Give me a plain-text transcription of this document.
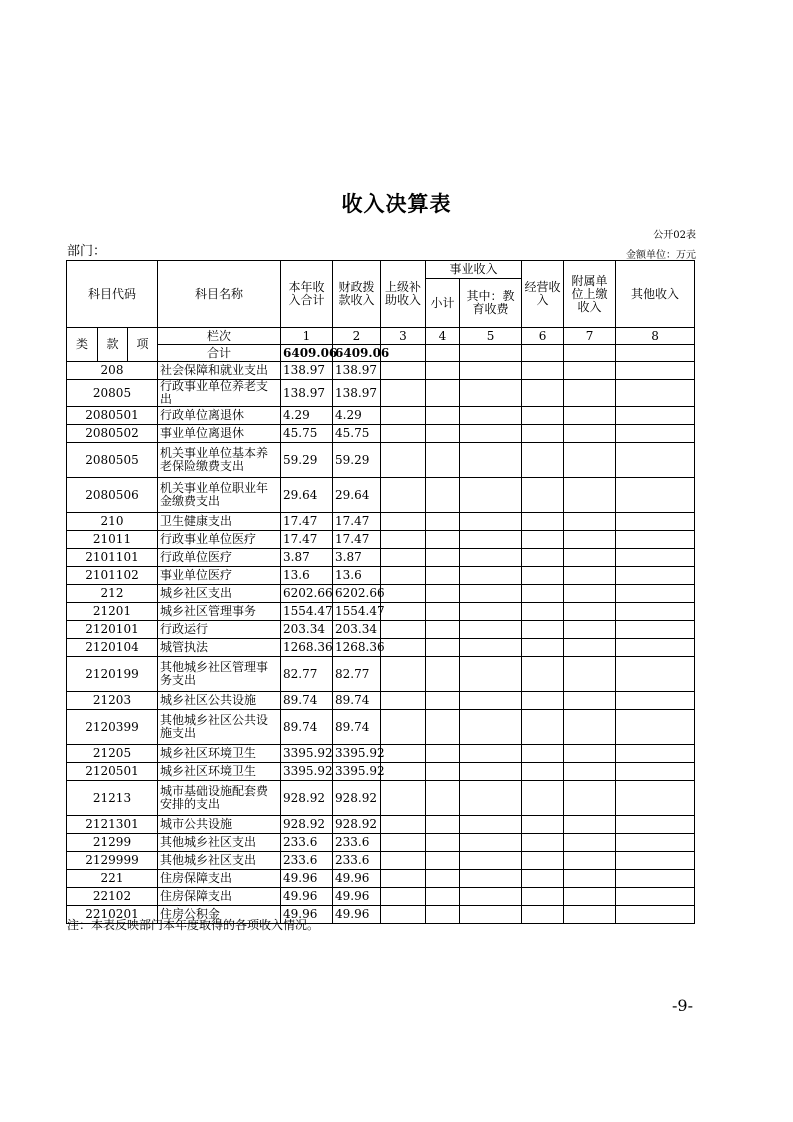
收入决算表
公开02表
部门：	金额单位：万元
科目代码			科目名称	本年收入合计	财政拨款收入	上级补助收入	事业收入		经营收入	附属单位上缴收入	其他收入
							小计	其中：教育收费			
类	款	项	栏次	1	2	3	4	5	6	7	8
			合计	6409.06	6409.06						
208			社会保障和就业支出	138.97	138.97						
20805			行政事业单位养老支出	138.97	138.97						
2080501			行政单位离退休	4.29	4.29						
2080502			事业单位离退休	45.75	45.75						
2080505			机关事业单位基本养老保险缴费支出	59.29	59.29						
2080506			机关事业单位职业年金缴费支出	29.64	29.64						
210			卫生健康支出	17.47	17.47						
21011			行政事业单位医疗	17.47	17.47						
2101101			行政单位医疗	3.87	3.87						
2101102			事业单位医疗	13.6	13.6						
212			城乡社区支出	6202.66	6202.66						
21201			城乡社区管理事务	1554.47	1554.47						
2120101			行政运行	203.34	203.34						
2120104			城管执法	1268.36	1268.36						
2120199			其他城乡社区管理事务支出	82.77	82.77						
21203			城乡社区公共设施	89.74	89.74						
2120399			其他城乡社区公共设施支出	89.74	89.74						
21205			城乡社区环境卫生	3395.92	3395.92						
2120501			城乡社区环境卫生	3395.92	3395.92						
21213			城市基础设施配套费安排的支出	928.92	928.92						
2121301			城市公共设施	928.92	928.92						
21299			其他城乡社区支出	233.6	233.6						
2129999			其他城乡社区支出	233.6	233.6						
221			住房保障支出	49.96	49.96						
22102			住房保障支出	49.96	49.96						
2210201			住房公积金	49.96	49.96						
注：本表反映部门本年度取得的各项收入情况。
-9-
